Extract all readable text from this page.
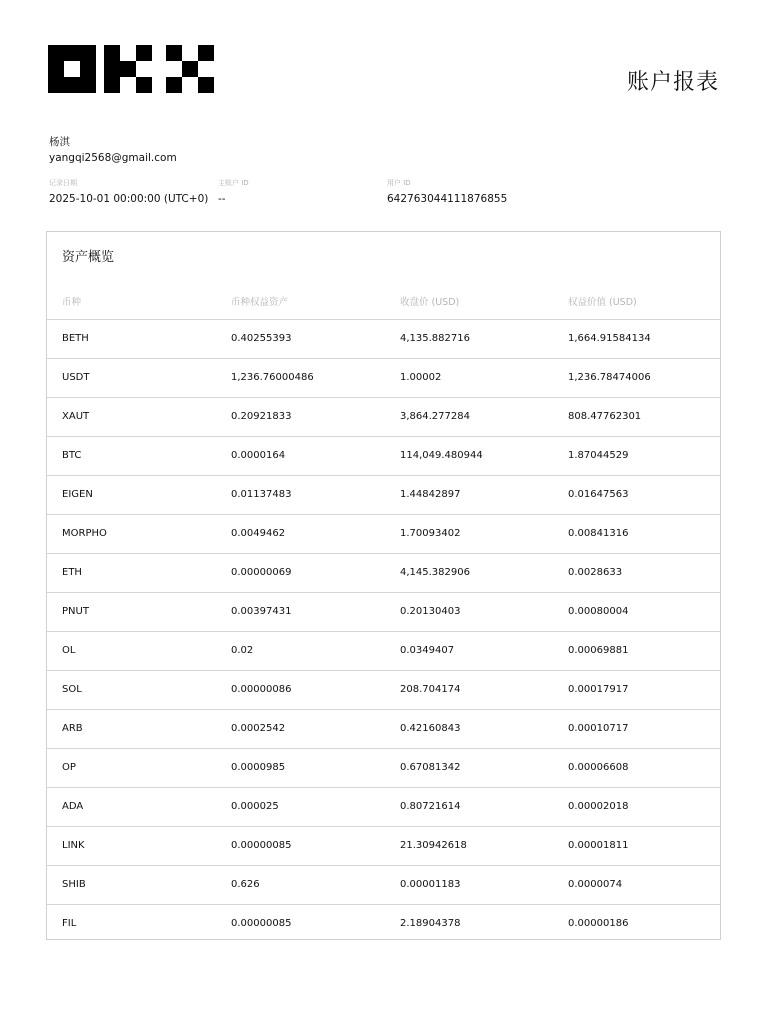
账户报表
杨淇
yangqi2568@gmail.com
记录日期
2025-10-01 00:00:00 (UTC+0)
主账户 ID
--
用户 ID
642763044111876855
资产概览
币种	币种权益资产	收盘价 (USD)	权益价值 (USD)
BETH	0.40255393	4,135.882716	1,664.91584134
USDT	1,236.76000486	1.00002	1,236.78474006
XAUT	0.20921833	3,864.277284	808.47762301
BTC	0.0000164	114,049.480944	1.87044529
EIGEN	0.01137483	1.44842897	0.01647563
MORPHO	0.0049462	1.70093402	0.00841316
ETH	0.00000069	4,145.382906	0.0028633
PNUT	0.00397431	0.20130403	0.00080004
OL	0.02	0.0349407	0.00069881
SOL	0.00000086	208.704174	0.00017917
ARB	0.0002542	0.42160843	0.00010717
OP	0.0000985	0.67081342	0.00006608
ADA	0.000025	0.80721614	0.00002018
LINK	0.00000085	21.30942618	0.00001811
SHIB	0.626	0.00001183	0.0000074
FIL	0.00000085	2.18904378	0.00000186
